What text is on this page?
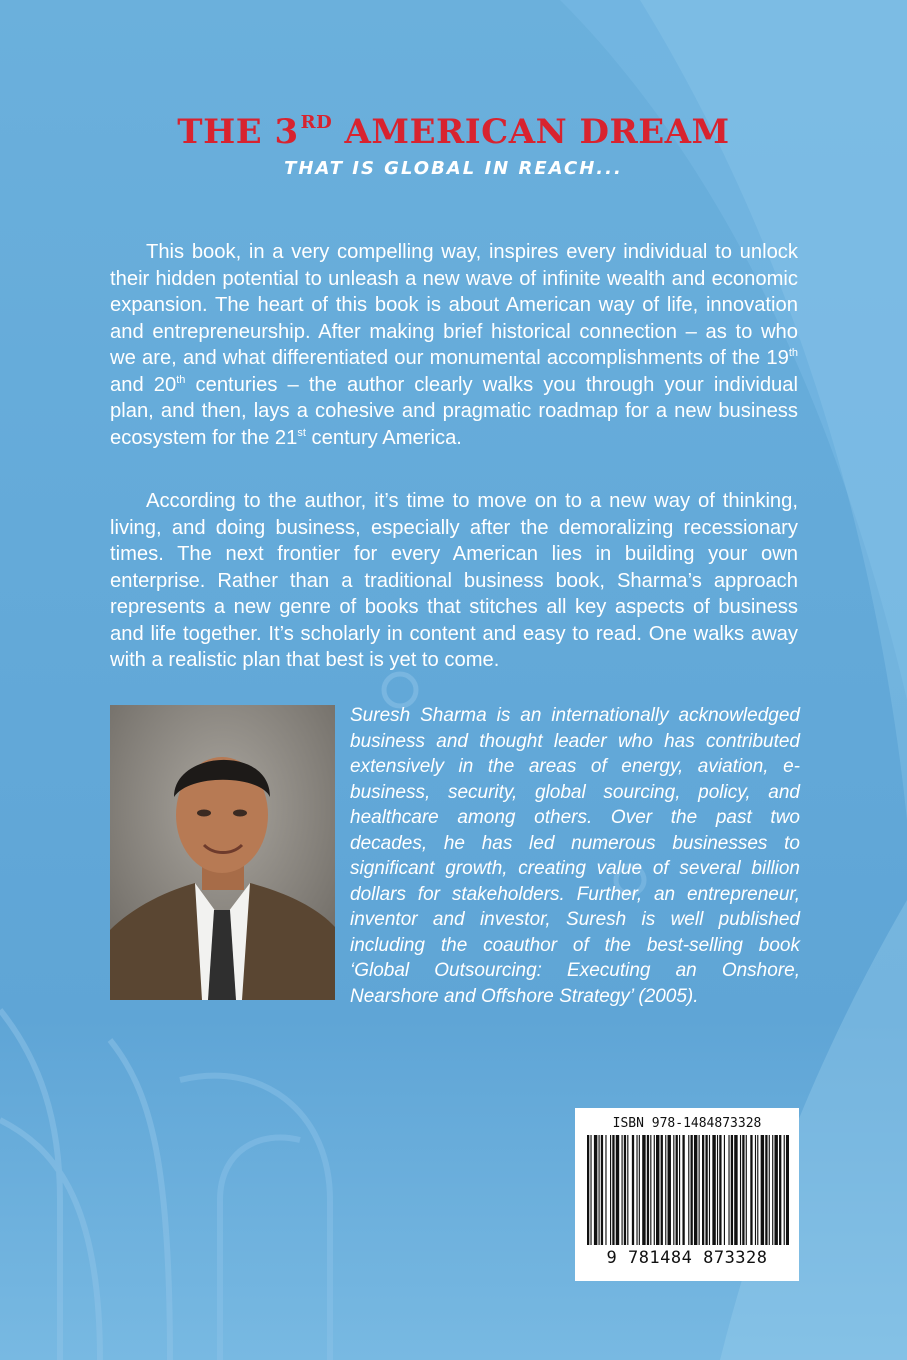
THE 3 $^{RD}$ AMERICAN DREAM

THAT IS GLOBAL IN REACH...

This book, in a very compelling way, inspires every individual to unlock their hidden potential to unleash a new wave of infinite wealth and economic expansion. The heart of this book is about American way of life, innovation and entrepreneurship. After making brief historical connection – as to who we are, and what differentiated our monumental accomplishments of the 19th and 20th centuries – the author clearly walks you through your individual plan, and then, lays a cohesive and pragmatic roadmap for a new business ecosystem for the 21st century America.

According to the author, it’s time to move on to a new way of thinking, living, and doing business, especially after the demoralizing recessionary times. The next frontier for every American lies in building your own enterprise. Rather than a traditional business book, Sharma’s approach represents a new genre of books that stitches all key aspects of business and life together. It’s scholarly in content and easy to read. One walks away with a realistic plan that best is yet to come.

Suresh Sharma is an internationally acknowledged business and thought leader who has contributed extensively in the areas of energy, aviation, e-business, security, global sourcing, policy, and healthcare among others. Over the past two decades, he has led numerous businesses to significant growth, creating value of several billion dollars for stakeholders. Further, an entrepreneur, inventor and investor, Suresh is well published including the coauthor of the best-selling book ‘Global Outsourcing: Executing an Onshore, Nearshore and Offshore Strategy’ (2005).

ISBN 978-1484873328

9 781484 873328
